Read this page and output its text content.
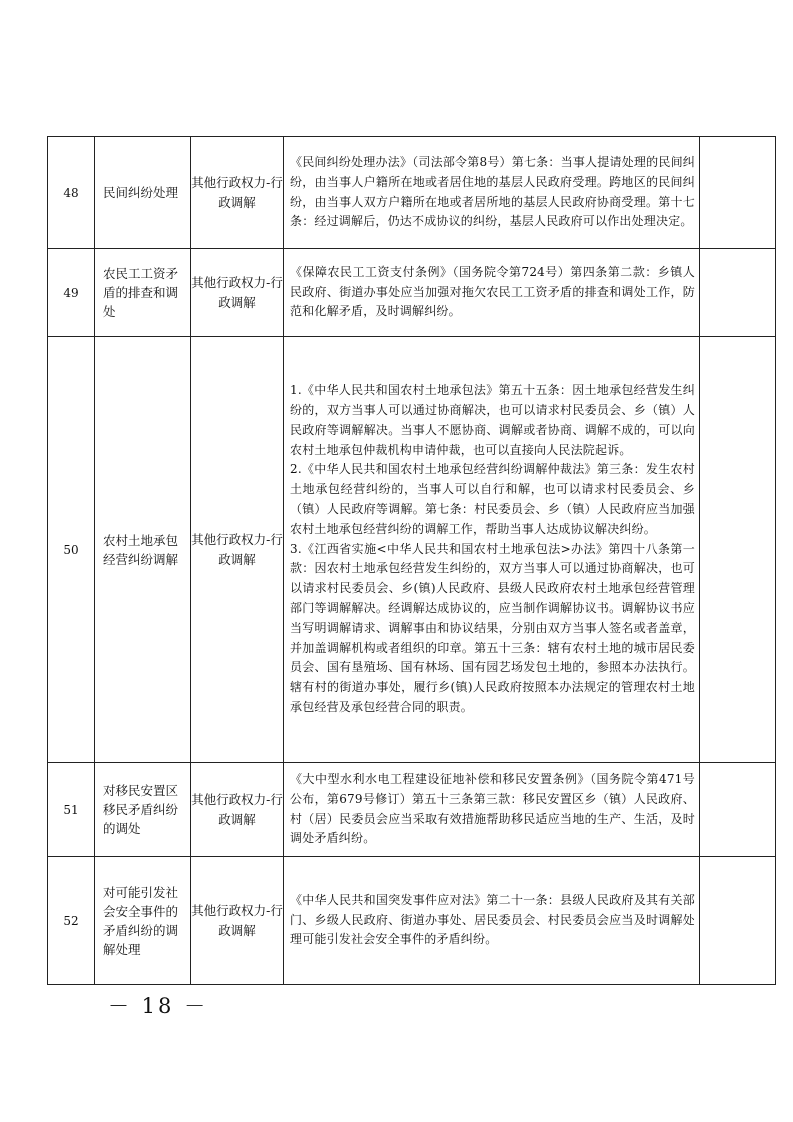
48	民间纠纷处理	其他行政权力-行政调解	《民间纠纷处理办法》（司法部令第8号）第七条：当事人提请处理的民间纠纷，由当事人户籍所在地或者居住地的基层人民政府受理。跨地区的民间纠纷，由当事人双方户籍所在地或者居所地的基层人民政府协商受理。第十七条：经过调解后，仍达不成协议的纠纷，基层人民政府可以作出处理决定。	

49	农民工工资矛盾的排查和调处	其他行政权力-行政调解	《保障农民工工资支付条例》（国务院令第724号）第四条第二款：乡镇人民政府、街道办事处应当加强对拖欠农民工工资矛盾的排查和调处工作，防范和化解矛盾，及时调解纠纷。	

50	农村土地承包经营纠纷调解	其他行政权力-行政调解	1.《中华人民共和国农村土地承包法》第五十五条：因土地承包经营发生纠纷的，双方当事人可以通过协商解决，也可以请求村民委员会、乡（镇）人民政府等调解解决。当事人不愿协商、调解或者协商、调解不成的，可以向农村土地承包仲裁机构申请仲裁，也可以直接向人民法院起诉。
2.《中华人民共和国农村土地承包经营纠纷调解仲裁法》第三条：发生农村土地承包经营纠纷的，当事人可以自行和解，也可以请求村民委员会、乡（镇）人民政府等调解。第七条：村民委员会、乡（镇）人民政府应当加强农村土地承包经营纠纷的调解工作，帮助当事人达成协议解决纠纷。
3.《江西省实施<中华人民共和国农村土地承包法>办法》第四十八条第一款：因农村土地承包经营发生纠纷的，双方当事人可以通过协商解决，也可以请求村民委员会、乡(镇)人民政府、县级人民政府农村土地承包经营管理部门等调解解决。经调解达成协议的，应当制作调解协议书。调解协议书应当写明调解请求、调解事由和协议结果，分别由双方当事人签名或者盖章，并加盖调解机构或者组织的印章。第五十三条：辖有农村土地的城市居民委员会、国有垦殖场、国有林场、国有园艺场发包土地的，参照本办法执行。辖有村的街道办事处，履行乡(镇)人民政府按照本办法规定的管理农村土地承包经营及承包经营合同的职责。	

51	对移民安置区移民矛盾纠纷的调处	其他行政权力-行政调解	《大中型水利水电工程建设征地补偿和移民安置条例》（国务院令第471号公布，第679号修订）第五十三条第三款：移民安置区乡（镇）人民政府、村（居）民委员会应当采取有效措施帮助移民适应当地的生产、生活，及时调处矛盾纠纷。	

52	对可能引发社会安全事件的矛盾纠纷的调解处理	其他行政权力-行政调解	《中华人民共和国突发事件应对法》第二十一条：县级人民政府及其有关部门、乡级人民政府、街道办事处、居民委员会、村民委员会应当及时调解处理可能引发社会安全事件的矛盾纠纷。	

－ 18 －
